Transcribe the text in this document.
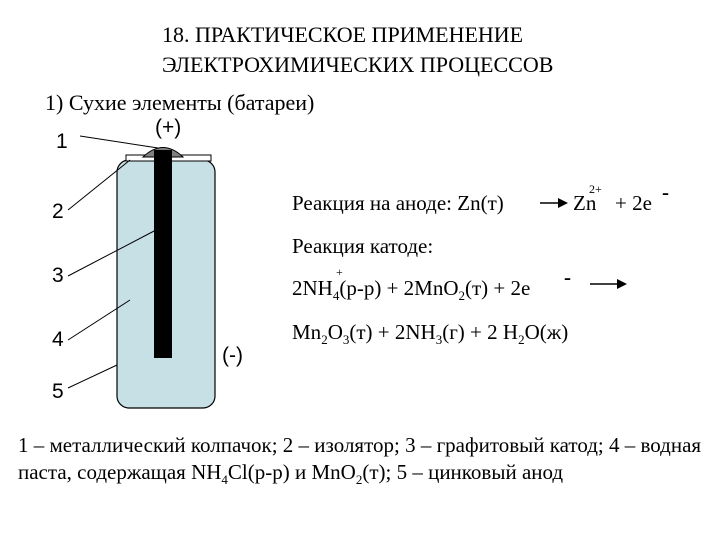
18. ПРАКТИЧЕСКОЕ ПРИМЕНЕНИЕ
ЭЛЕКТРОХИМИЧЕСКИХ ПРОЦЕССОВ
1) Сухие элементы (батареи)
(+)
(-)
1
2
3
4
5
Реакция на аноде: Zn(т)	Zn
2+
+ 2e -
Реакция катоде:
$2NH_4(р-р) + 2MnO_2(т) + 2e$
+	-
$Mn_2O_3(т) + 2NH_3(г) + 2$ $H_2O(ж)$
1 – металлический колпачок; 2 – изолятор; 3 – графитовый катод; 4 – водная паста, содержащая $NH_4Cl(р-р)$ и MnO$_2$(т); 5 – цинковый анод
